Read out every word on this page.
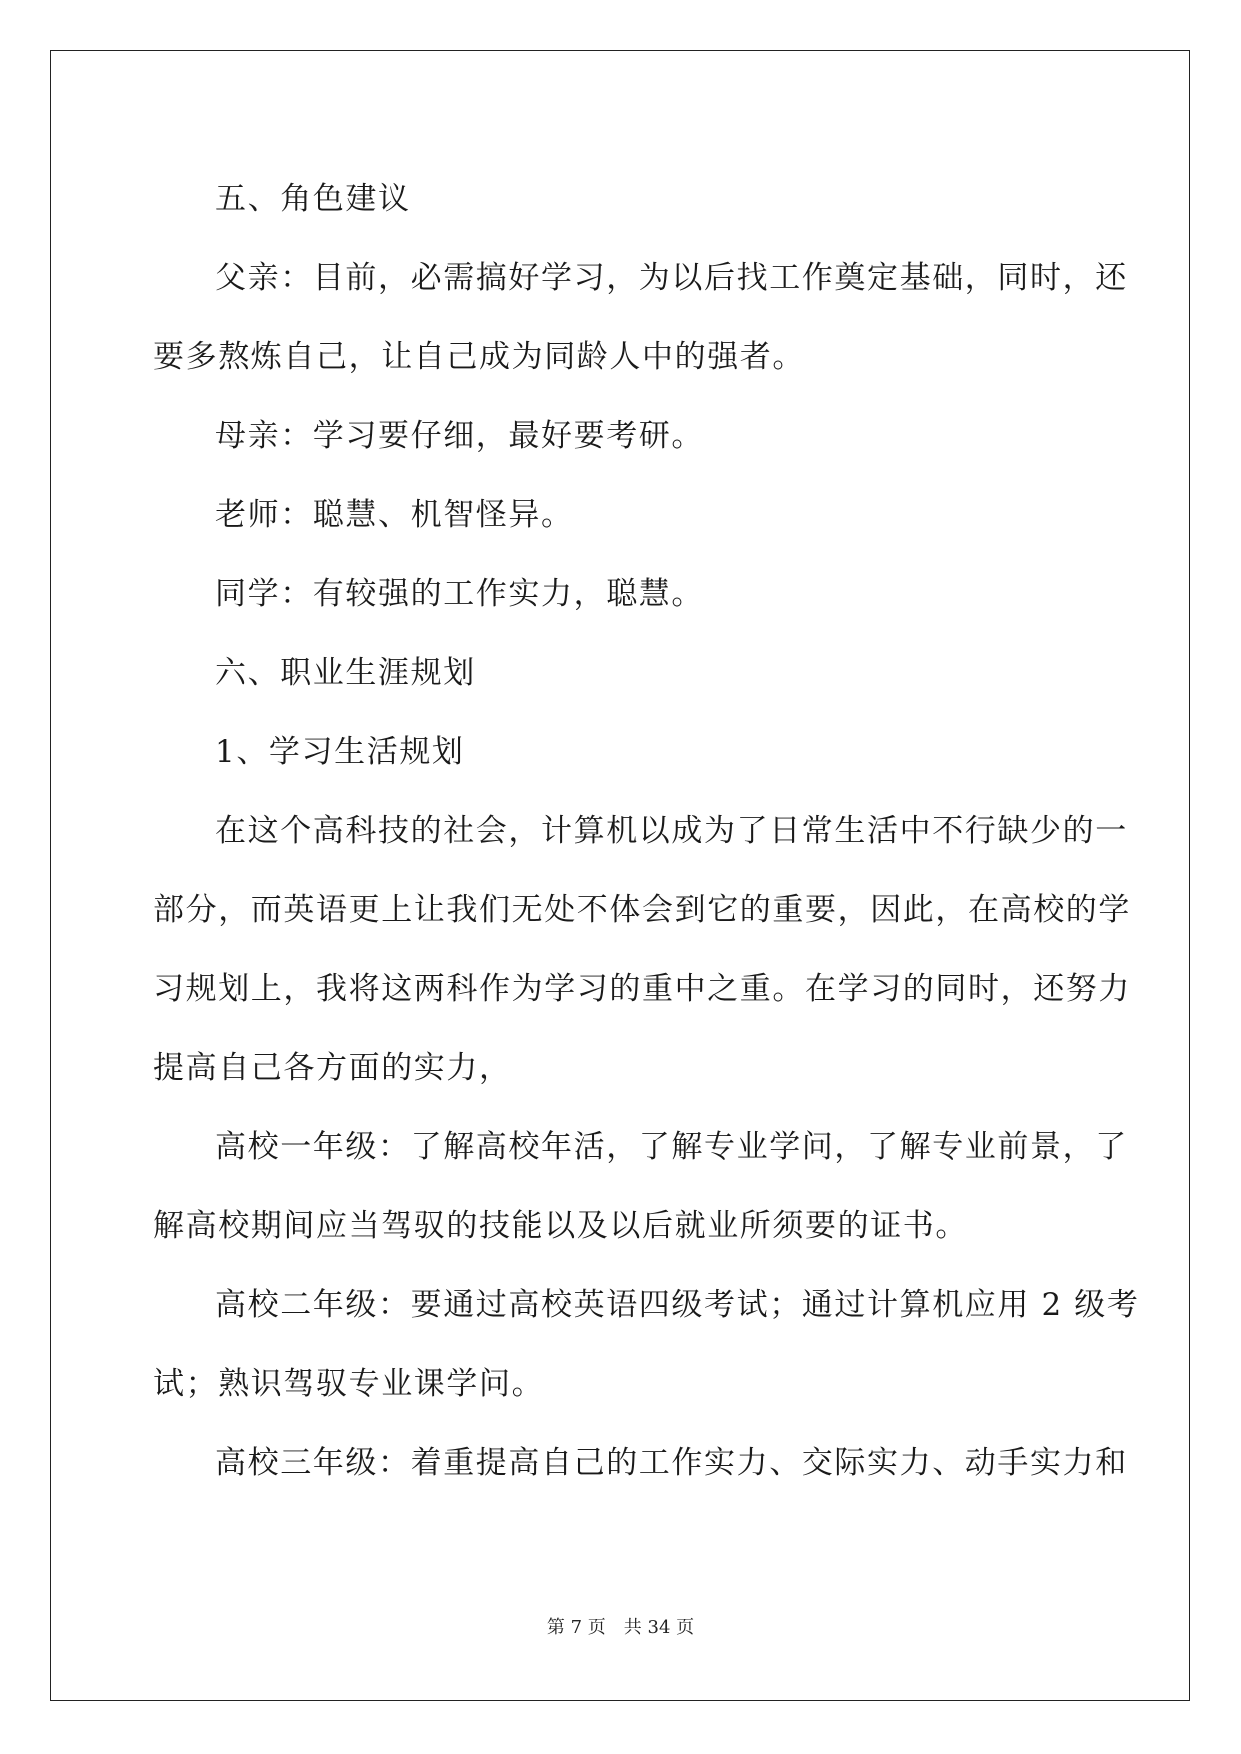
五、角色建议
父亲：目前，必需搞好学习，为以后找工作奠定基础，同时，还
要多熬炼自己，让自己成为同龄人中的强者。
母亲：学习要仔细，最好要考研。
老师：聪慧、机智怪异。
同学：有较强的工作实力，聪慧。
六、职业生涯规划
1、学习生活规划
在这个高科技的社会，计算机以成为了日常生活中不行缺少的一
部分，而英语更上让我们无处不体会到它的重要，因此，在高校的学
习规划上，我将这两科作为学习的重中之重。在学习的同时，还努力
提高自己各方面的实力，
高校一年级：了解高校年活，了解专业学问，了解专业前景，了
解高校期间应当驾驭的技能以及以后就业所须要的证书。
高校二年级：要通过高校英语四级考试；通过计算机应用 2 级考
试；熟识驾驭专业课学问。
高校三年级：着重提高自己的工作实力、交际实力、动手实力和
第 7 页 共 34 页
